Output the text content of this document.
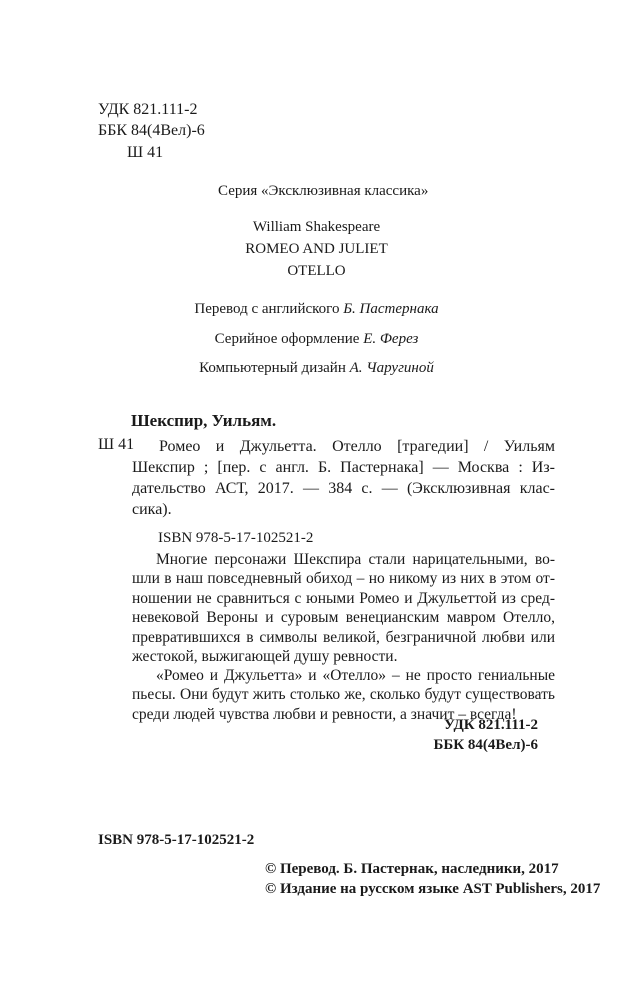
УДК 821.111-2
ББК 84(4Вел)-6
Ш 41
Серия «Эксклюзивная классика»
William Shakespeare
ROMEO AND JULIET
OTELLO
Перевод с английского Б. Пастернака
Серийное оформление Е. Ферез
Компьютерный дизайн А. Чаругиной
Шекспир, Уильям.
Ш 41 Ромео и Джульетта. Отелло [трагедии] / Уильям
Шекспир ; [пер. с англ. Б. Пастернака] — Москва : Из-
дательство АСТ, 2017. — 384 с. — (Эксклюзивная клас-
сика).
ISBN 978-5-17-102521-2
Многие персонажи Шекспира стали нарицательными, во-
шли в наш повседневный обиход – но никому из них в этом от-
ношении не сравниться с юными Ромео и Джульеттой из сред-
невековой Вероны и суровым венецианским мавром Отелло,
превратившихся в символы великой, безграничной любви или
жестокой, выжигающей душу ревности.
«Ромео и Джульетта» и «Отелло» – не просто гениальные
пьесы. Они будут жить столько же, сколько будут существовать
среди людей чувства любви и ревности, а значит – всегда!
УДК 821.111-2
ББК 84(4Вел)-6
ISBN 978-5-17-102521-2
© Перевод. Б. Пастернак, наследники, 2017
© Издание на русском языке AST Publishers, 2017
